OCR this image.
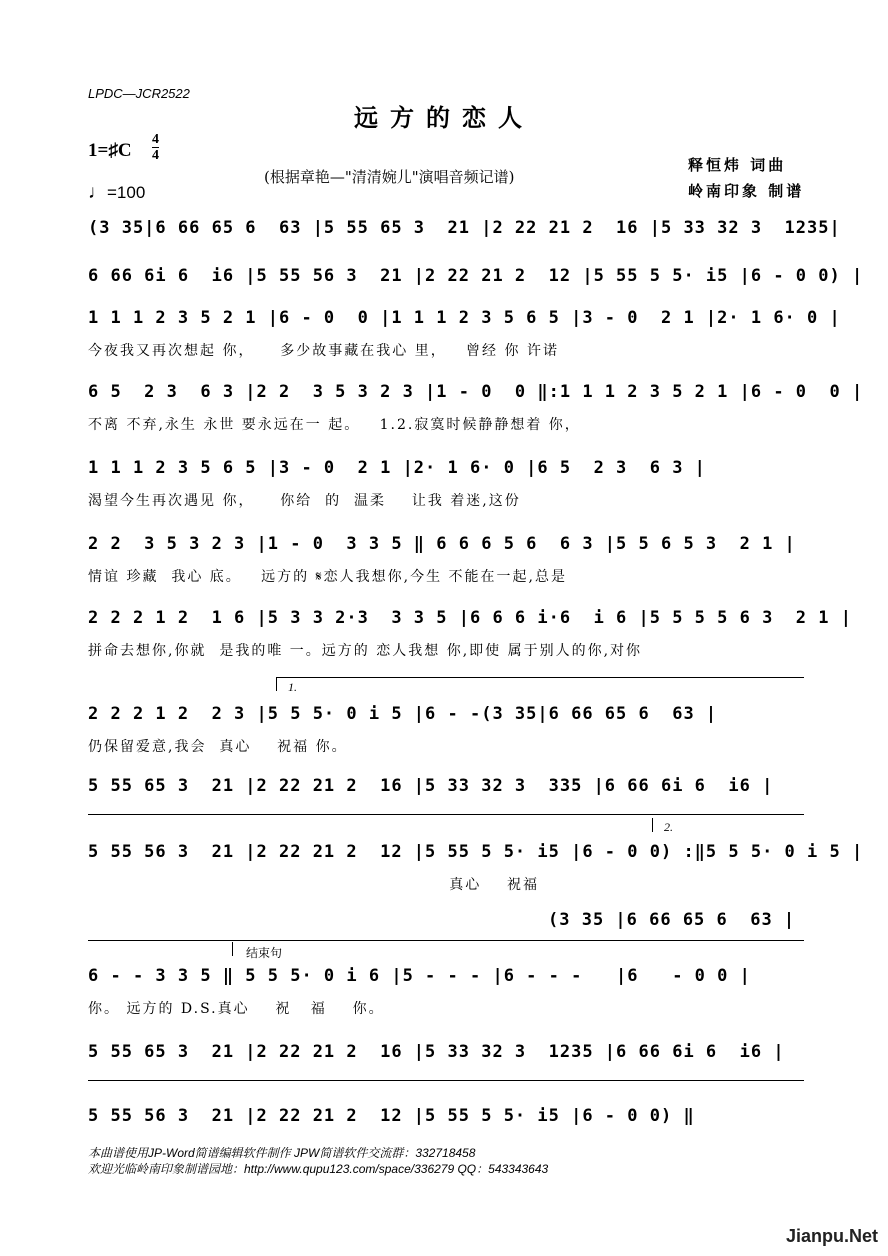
LPDC—JCR2522
远方的恋人
1=♯C
4
4
(根据章艳—"清清婉儿"演唱音频记谱)
释恒炜 词曲
岭南印象 制谱
♩=100
(3 35|6 66 65 6  63 |5 55 65 3  21 |2 22 21 2  16 |5 33 32 3  1235|
6 66 6i 6  i6 |5 55 56 3  21 |2 22 21 2  12 |5 55 5 5· i5 |6 - 0 0) |
1 1 1 2 3 5 2 1 |6 - 0  0 |1 1 1 2 3 5 6 5 |3 - 0  2 1 |2· 1 6· 0 |
今夜我又再次想起 你，    多少故事藏在我心 里，   曾经 你 许诺
6 5  2 3  6 3 |2 2  3 5 3 2 3 |1 - 0  0 ‖:1 1 1 2 3 5 2 1 |6 - 0  0 |
不离 不弃,永生 永世 要永远在一 起。   1.2.寂寞时候静静想着 你，
1 1 1 2 3 5 6 5 |3 - 0  2 1 |2· 1 6· 0 |6 5  2 3  6 3 |
渴望今生再次遇见 你，    你给  的  温柔    让我 着迷,这份
2 2  3 5 3 2 3 |1 - 0  3 3 5 ‖ 6 6 6 5 6  6 3 |5 5 6 5 3  2 1 |
情谊 珍藏  我心 底。   远方的 𝄋恋人我想你,今生 不能在一起,总是
2 2 2 1 2  1 6 |5 3 3 2·3  3 3 5 |6 6 6 i·6  i 6 |5 5 5 5 6 3  2 1 |
拼命去想你,你就  是我的唯 一。远方的 恋人我想 你,即使 属于别人的你,对你
1.
2 2 2 1 2  2 3 |5 5 5· 0 i 5 |6 - -(3 35|6 66 65 6  63 |
仍保留爱意,我会  真心    祝福 你。
5 55 65 3  21 |2 22 21 2  16 |5 33 32 3  335 |6 66 6i 6  i6 |
2.
5 55 56 3  21 |2 22 21 2  12 |5 55 5 5· i5 |6 - 0 0) :‖5 5 5· 0 i 5 |
真心    祝福
(3 35 |6 66 65 6  63 |
结束句
6 - - 3 3 5 ‖ 5 5 5· 0 i 6 |5 - - - |6 - - -   |6   - 0 0 |
你。 远方的 D.S.真心    祝   福    你。
5 55 65 3  21 |2 22 21 2  16 |5 33 32 3  1235 |6 66 6i 6  i6 |
5 55 56 3  21 |2 22 21 2  12 |5 55 5 5· i5 |6 - 0 0) ‖
本曲谱使用JP-Word简谱编辑软件制作 JPW简谱软件交流群：332718458
欢迎光临岭南印象制谱园地：http://www.qupu123.com/space/336279 QQ：543343643
Jianpu.Net
